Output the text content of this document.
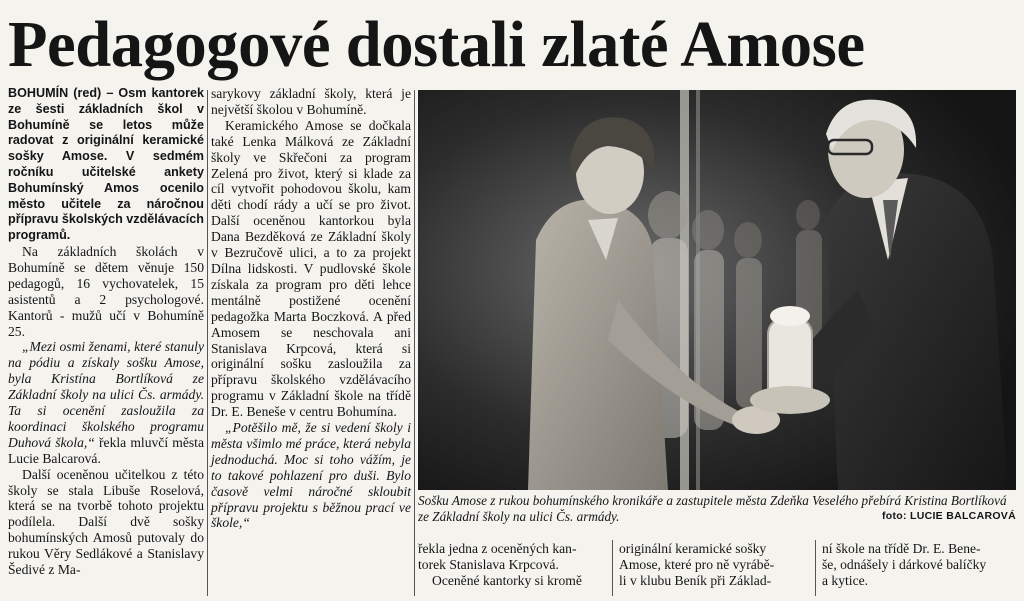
Pedagogové dostali zlaté Amose

BOHUMÍN (red) – Osm kantorek ze šesti základních škol v Bohumíně se letos může radovat z originální keramické sošky Amose. V sedmém ročníku učitelské ankety Bohumínský Amos ocenilo město učitele za náročnou přípravu školských vzdělávacích programů.

Na základních školách v Bohumíně se dětem věnuje 150 pedagogů, 16 vychovatelek, 15 asistentů a 2 psychologové. Kantorů - mužů učí v Bohumíně 25.

„Mezi osmi ženami, které stanuly na pódiu a získaly sošku Amose, byla Kristína Bortlíková ze Základní školy na ulici Čs. armády. Ta si ocenění zasloužila za koordinaci školského programu Duhová škola,“ řekla mluvčí města Lucie Balcarová.

Další oceněnou učitelkou z této školy se stala Libuše Roselová, která se na tvorbě tohoto projektu podílela. Další dvě sošky bohumínských Amosů putovaly do rukou Věry Sedlákové a Stanislavy Šedivé z Ma-

sarykovy základní školy, která je největší školou v Bohumíně.

Keramického Amose se dočkala také Lenka Málková ze Základní školy ve Skřečoni za program Zelená pro život, který si klade za cíl vytvořit pohodovou školu, kam děti chodí rády a učí se pro život. Další oceněnou kantorkou byla Dana Bezděková ze Základní školy v Bezručově ulici, a to za projekt Dílna lidskosti. V pudlovské škole získala za program pro děti lehce mentálně postižené ocenění pedagožka Marta Boczková. A před Amosem se neschovala ani Stanislava Krpcová, která si originální sošku zasloužila za přípravu školského vzdělávacího programu v Základní škole na třídě Dr. E. Beneše v centru Bohumína.

„Potěšilo mě, že si vedení školy i města všimlo mé práce, která nebyla jednoduchá. Moc si toho vážím, je to takové pohlazení pro duši. Bylo časově velmi náročné skloubit přípravu projektu s běžnou prací ve škole,“

Sošku Amose z rukou bohumínského kronikáře a zastupitele města Zdeňka Veselého přebírá Kristina Bortlíková ze Základní školy na ulici Čs. armády.	foto: LUCIE BALCAROVÁ
řekla jedna z oceněných kan-
torek Stanislava Krpcová.
Oceněné kantorky si kromě
originální keramické sošky
Amose, které pro ně vyrábě-
li v klubu Beník při Základ-
ní škole na třídě Dr. E. Bene-
še, odnášely i dárkové balíčky
a kytice.
